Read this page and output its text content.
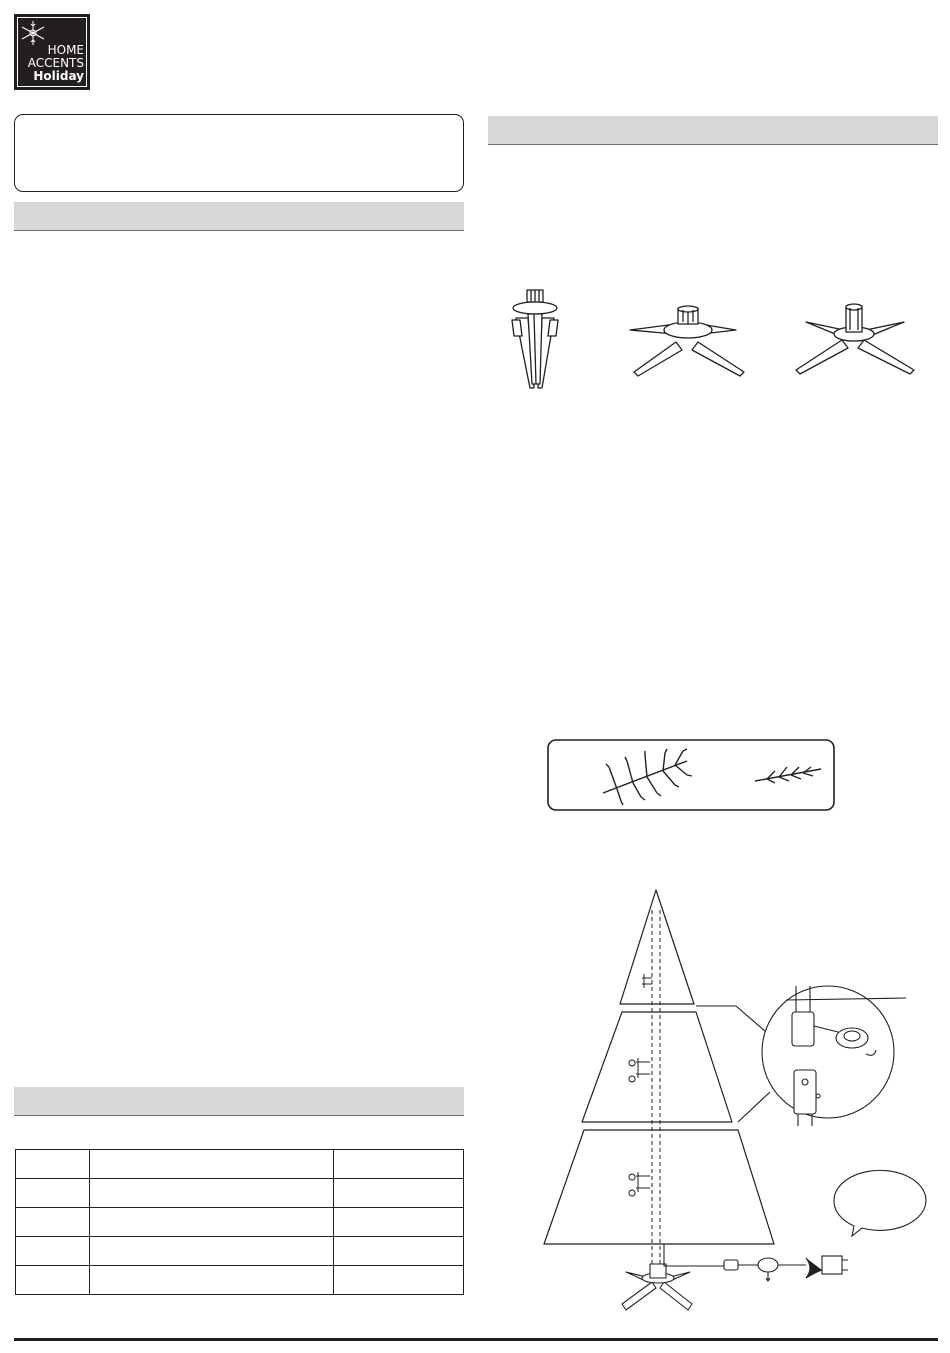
HOME
ACCENTS
Holiday
